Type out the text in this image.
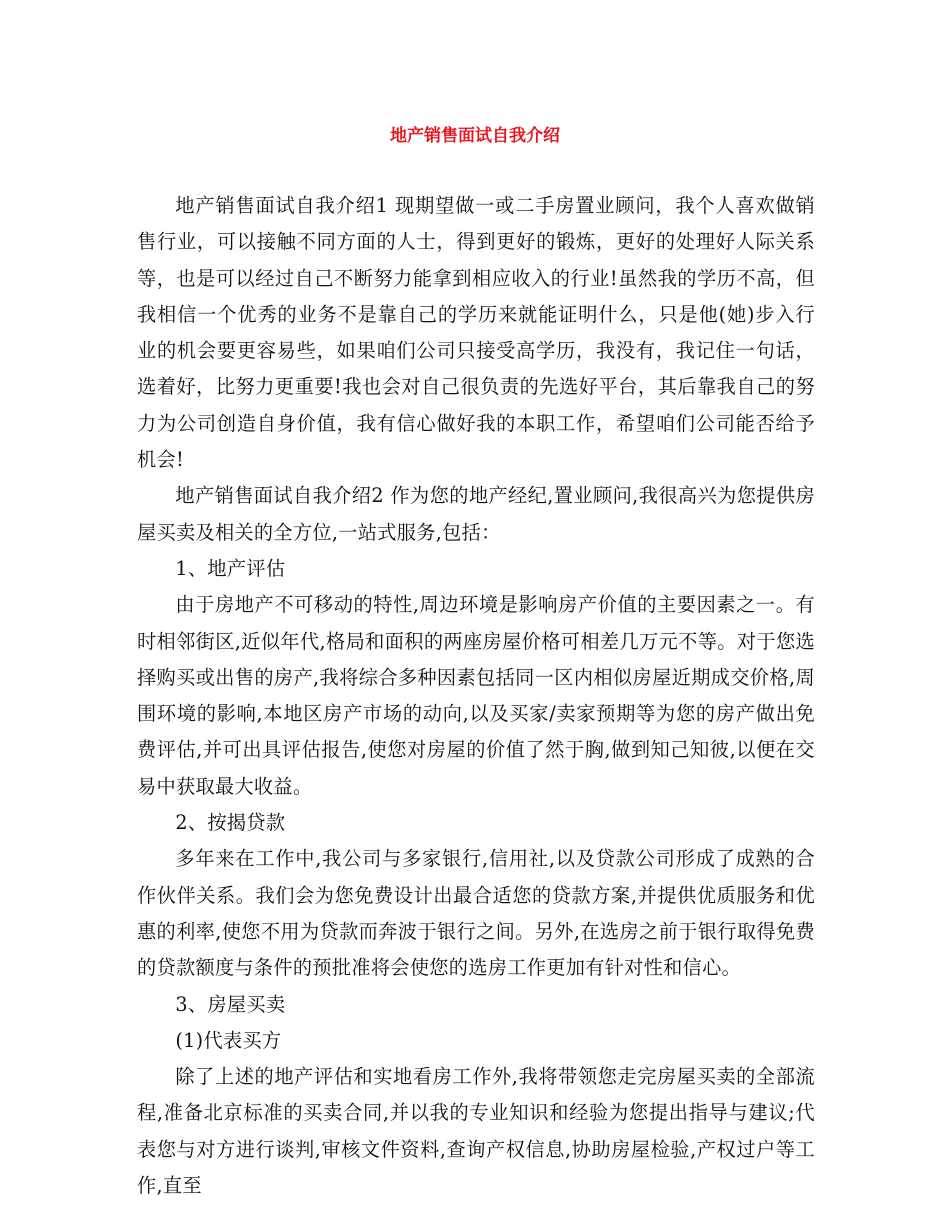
地产销售面试自我介绍

地产销售面试自我介绍1 现期望做一或二手房置业顾问，我个人喜欢做销售行业，可以接触不同方面的人士，得到更好的锻炼，更好的处理好人际关系等，也是可以经过自己不断努力能拿到相应收入的行业!虽然我的学历不高，但我相信一个优秀的业务不是靠自己的学历来就能证明什么，只是他(她)步入行业的机会要更容易些，如果咱们公司只接受高学历，我没有，我记住一句话，选着好，比努力更重要!我也会对自己很负责的先选好平台，其后靠我自己的努力为公司创造自身价值，我有信心做好我的本职工作，希望咱们公司能否给予机会!

地产销售面试自我介绍2 作为您的地产经纪,置业顾问,我很高兴为您提供房屋买卖及相关的全方位,一站式服务,包括：

1、地产评估

由于房地产不可移动的特性,周边环境是影响房产价值的主要因素之一。有时相邻街区,近似年代,格局和面积的两座房屋价格可相差几万元不等。对于您选择购买或出售的房产,我将综合多种因素包括同一区内相似房屋近期成交价格,周围环境的影响,本地区房产市场的动向,以及买家/卖家预期等为您的房产做出免费评估,并可出具评估报告,使您对房屋的价值了然于胸,做到知己知彼,以便在交易中获取最大收益。

2、按揭贷款

多年来在工作中,我公司与多家银行,信用社,以及贷款公司形成了成熟的合作伙伴关系。我们会为您免费设计出最合适您的贷款方案,并提供优质服务和优惠的利率,使您不用为贷款而奔波于银行之间。另外,在选房之前于银行取得免费的贷款额度与条件的预批准将会使您的选房工作更加有针对性和信心。

3、房屋买卖

(1)代表买方

除了上述的地产评估和实地看房工作外,我将带领您走完房屋买卖的全部流程,准备北京标准的买卖合同,并以我的专业知识和经验为您提出指导与建议;代表您与对方进行谈判,审核文件资料,查询产权信息,协助房屋检验,产权过户等工作,直至
